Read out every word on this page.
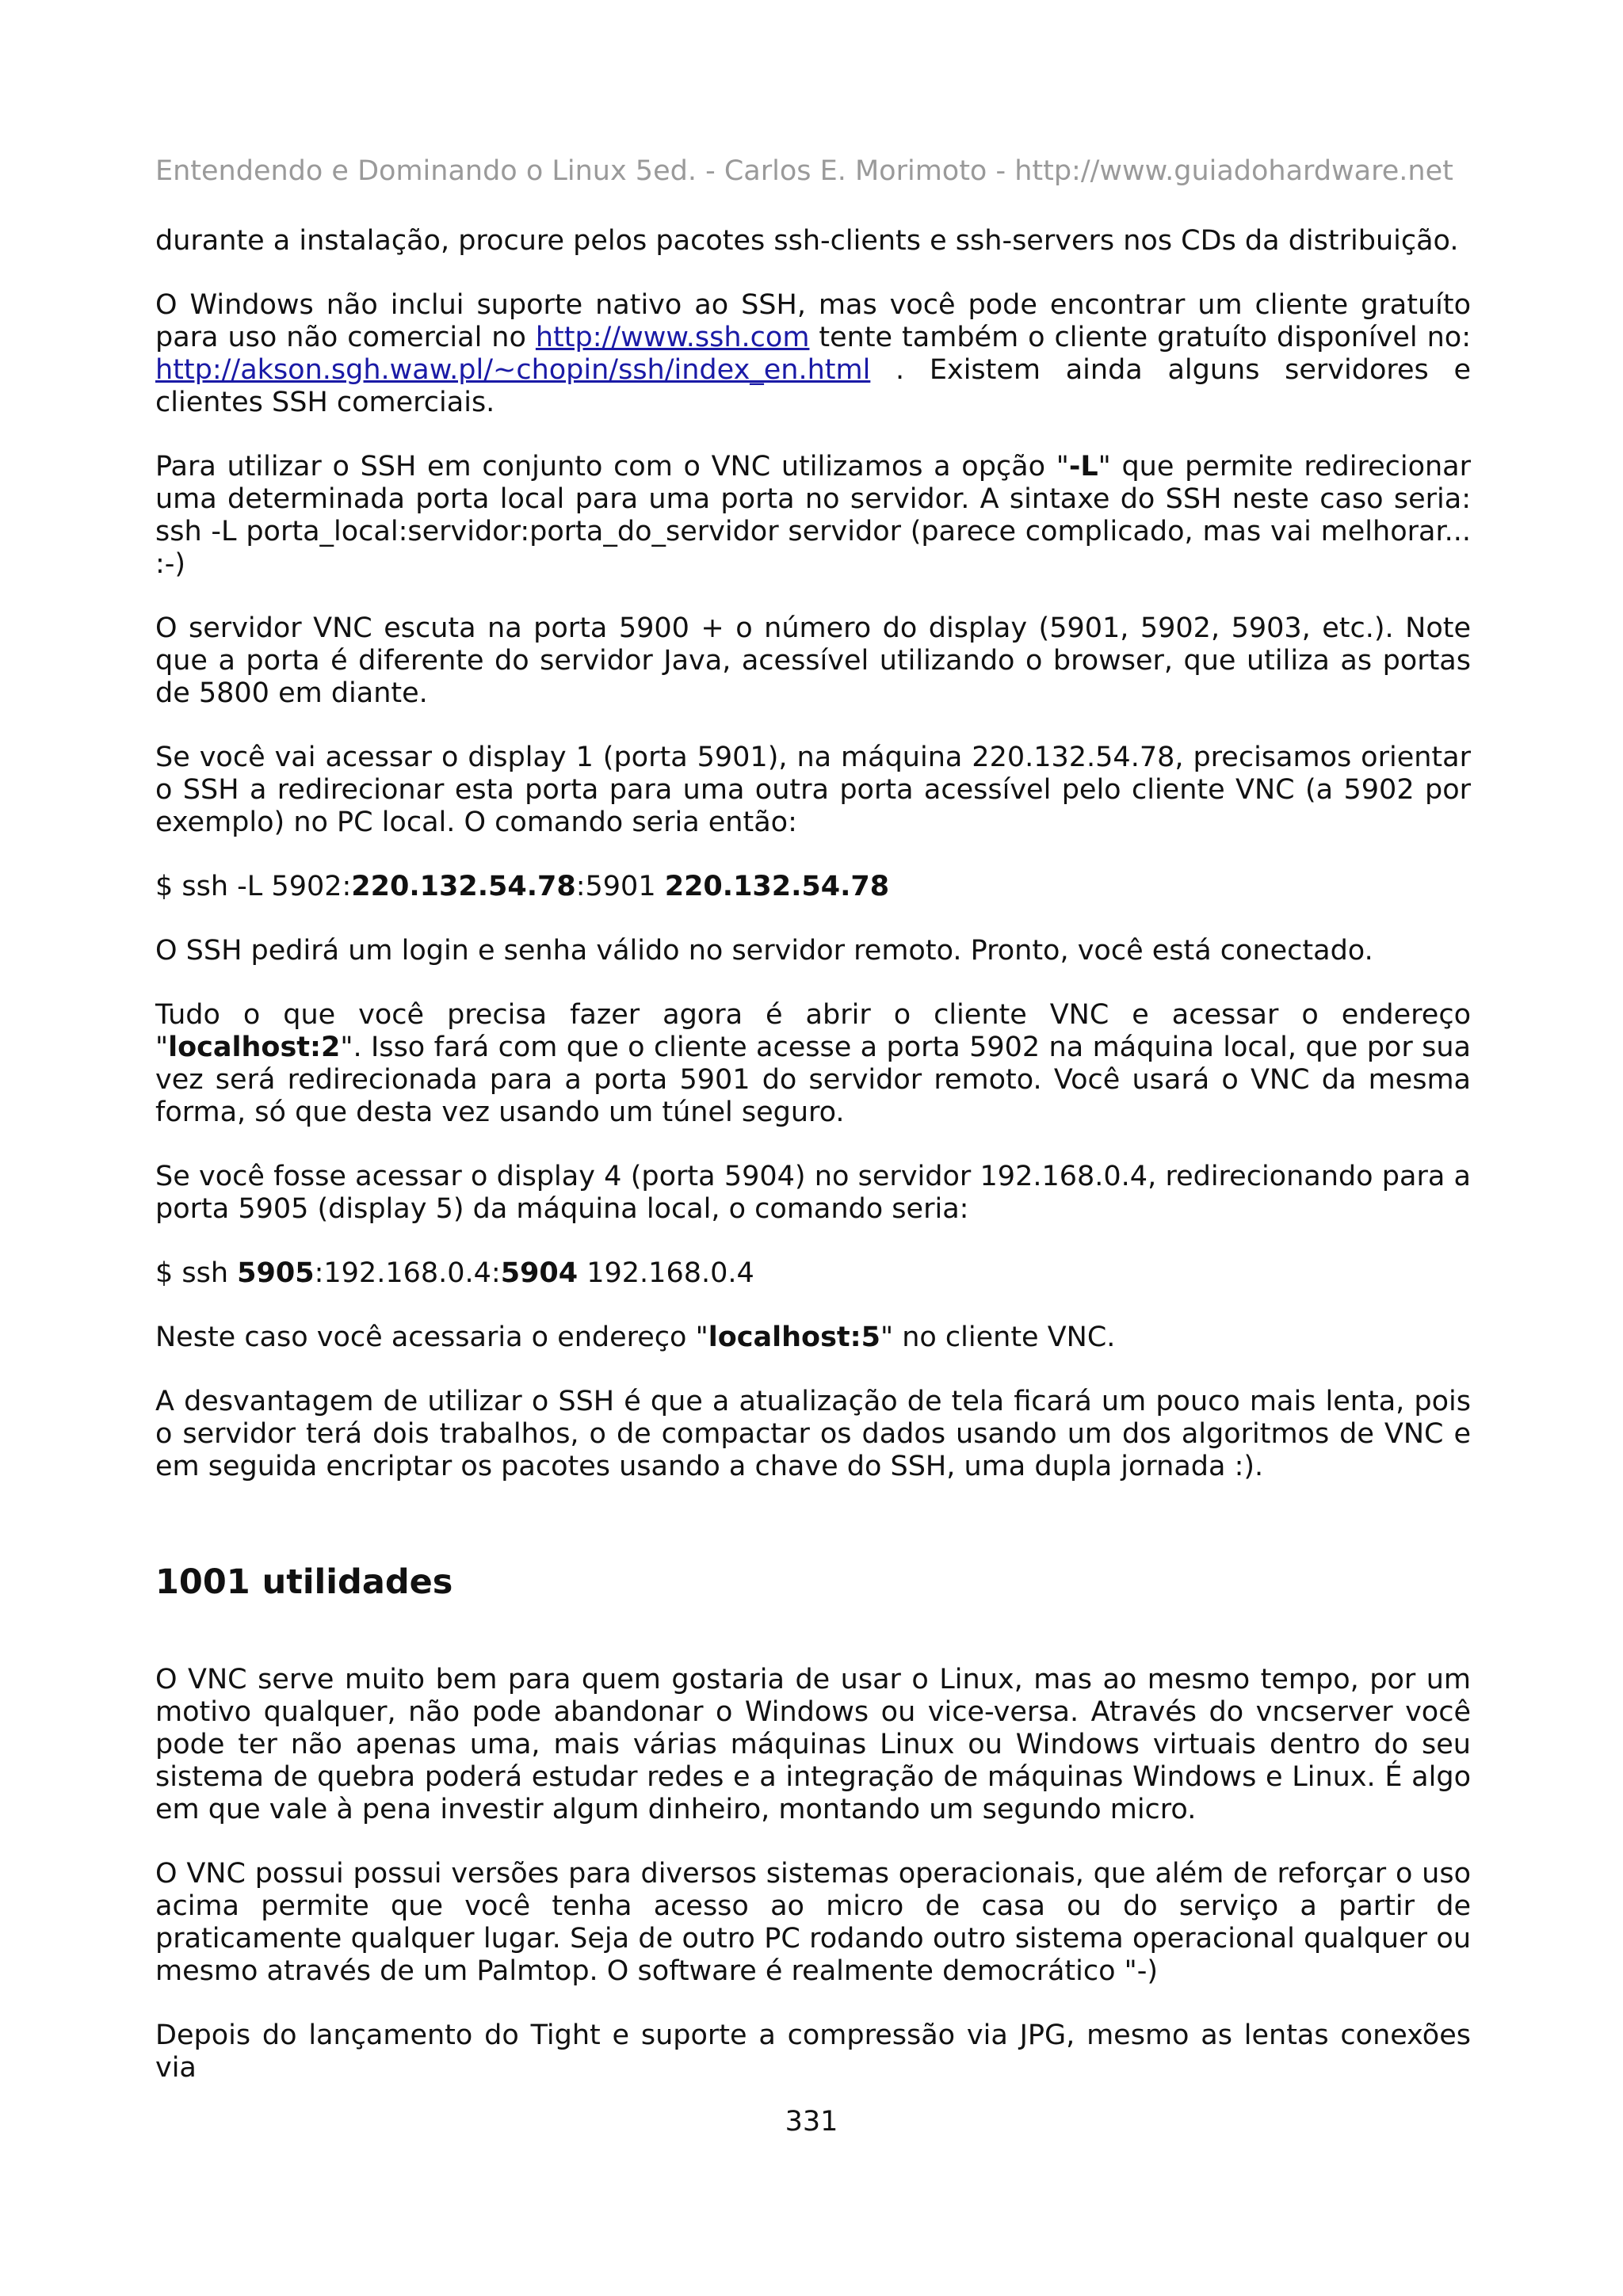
Entendendo e Dominando o Linux 5ed. - Carlos E. Morimoto - http://www.guiadohardware.net

durante a instalação, procure pelos pacotes ssh-clients e ssh-servers nos CDs da distribuição.

O Windows não inclui suporte nativo ao SSH, mas você pode encontrar um cliente gratuíto para uso não comercial no http://www.ssh.com tente também o cliente gratuíto disponível no: http://akson.sgh.waw.pl/~chopin/ssh/index_en.html . Existem ainda alguns servidores e clientes SSH comerciais.

Para utilizar o SSH em conjunto com o VNC utilizamos a opção "-L" que permite redirecionar uma determinada porta local para uma porta no servidor. A sintaxe do SSH neste caso seria: ssh -L porta_local:servidor:porta_do_servidor servidor (parece complicado, mas vai melhorar... :-)

O servidor VNC escuta na porta 5900 + o número do display (5901, 5902, 5903, etc.). Note que a porta é diferente do servidor Java, acessível utilizando o browser, que utiliza as portas de 5800 em diante.

Se você vai acessar o display 1 (porta 5901), na máquina 220.132.54.78, precisamos orientar o SSH a redirecionar esta porta para uma outra porta acessível pelo cliente VNC (a 5902 por exemplo) no PC local. O comando seria então:

$ ssh -L 5902:220.132.54.78:5901 220.132.54.78

O SSH pedirá um login e senha válido no servidor remoto. Pronto, você está conectado.

Tudo o que você precisa fazer agora é abrir o cliente VNC e acessar o endereço "localhost:2". Isso fará com que o cliente acesse a porta 5902 na máquina local, que por sua vez será redirecionada para a porta 5901 do servidor remoto. Você usará o VNC da mesma forma, só que desta vez usando um túnel seguro.

Se você fosse acessar o display 4 (porta 5904) no servidor 192.168.0.4, redirecionando para a porta 5905 (display 5) da máquina local, o comando seria:

$ ssh 5905:192.168.0.4:5904 192.168.0.4

Neste caso você acessaria o endereço "localhost:5" no cliente VNC.

A desvantagem de utilizar o SSH é que a atualização de tela ficará um pouco mais lenta, pois o servidor terá dois trabalhos, o de compactar os dados usando um dos algoritmos de VNC e em seguida encriptar os pacotes usando a chave do SSH, uma dupla jornada :).

1001 utilidades

O VNC serve muito bem para quem gostaria de usar o Linux, mas ao mesmo tempo, por um motivo qualquer, não pode abandonar o Windows ou vice-versa. Através do vncserver você pode ter não apenas uma, mais várias máquinas Linux ou Windows virtuais dentro do seu sistema de quebra poderá estudar redes e a integração de máquinas Windows e Linux. É algo em que vale à pena investir algum dinheiro, montando um segundo micro.

O VNC possui possui versões para diversos sistemas operacionais, que além de reforçar o uso acima permite que você tenha acesso ao micro de casa ou do serviço a partir de praticamente qualquer lugar. Seja de outro PC rodando outro sistema operacional qualquer ou mesmo através de um Palmtop. O software é realmente democrático "-)

Depois do lançamento do Tight e suporte a compressão via JPG, mesmo as lentas conexões via

331
